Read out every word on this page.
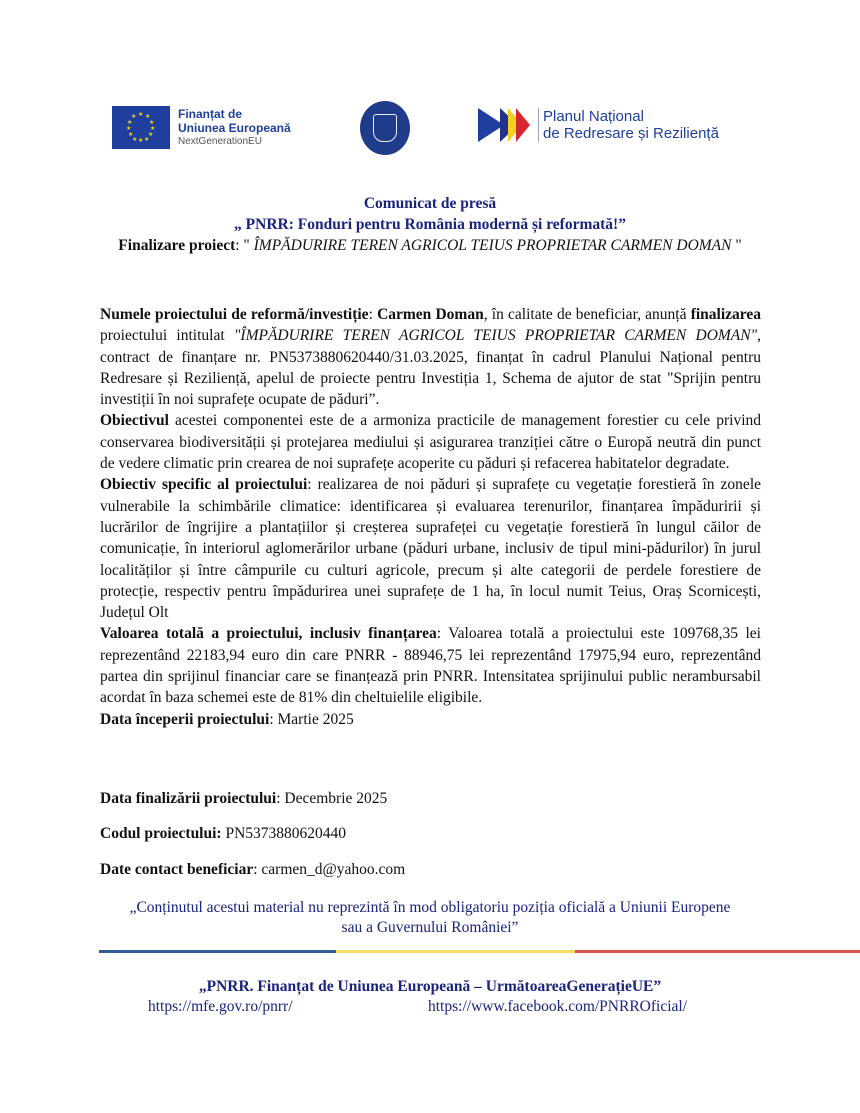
★ ★
★
★
★
★
★
★
★
★
★
★	Finanțat de
Uniunea Europeană
NextGenerationEU
Planul Național
de Redresare și Reziliență
Comunicat de presă
„ PNRR: Fonduri pentru România modernă și reformată!”
Finalizare proiect: " ÎMPĂDURIRE TEREN AGRICOL TEIUS PROPRIETAR CARMEN DOMAN "

Numele proiectului de reformă/investiție: Carmen Doman, în calitate de beneficiar, anunță finalizarea proiectului intitulat "ÎMPĂDURIRE TEREN AGRICOL TEIUS PROPRIETAR CARMEN DOMAN", contract de finanțare nr. PN5373880620440/31.03.2025, finanțat în cadrul Planului Național pentru Redresare și Reziliență, apelul de proiecte pentru Investiția 1, Schema de ajutor de stat "Sprijin pentru investiții în noi suprafețe ocupate de păduri”.

Obiectivul acestei componentei este de a armoniza practicile de management forestier cu cele privind conservarea biodiversității și protejarea mediului și asigurarea tranziției către o Europă neutră din punct de vedere climatic prin crearea de noi suprafețe acoperite cu păduri și refacerea habitatelor degradate.

Obiectiv specific al proiectului: realizarea de noi păduri și suprafețe cu vegetație forestieră în zonele vulnerabile la schimbările climatice: identificarea și evaluarea terenurilor, finanțarea împăduririi și lucrărilor de îngrijire a plantațiilor și creșterea suprafeței cu vegetație forestieră în lungul căilor de comunicație, în interiorul aglomerărilor urbane (păduri urbane, inclusiv de tipul mini-pădurilor) în jurul localităților și între câmpurile cu culturi agricole, precum și alte categorii de perdele forestiere de protecție, respectiv pentru împădurirea unei suprafețe de 1 ha, în locul numit Teius, Oraș Scornicești, Județul Olt

Valoarea totală a proiectului, inclusiv finanțarea: Valoarea totală a proiectului este 109768,35 lei reprezentând 22183,94 euro din care PNRR - 88946,75 lei reprezentând 17975,94 euro, reprezentând partea din sprijinul financiar care se finanțează prin PNRR. Intensitatea sprijinului public nerambursabil acordat în baza schemei este de 81% din cheltuielile eligibile.

Data începerii proiectului: Martie 2025

Data finalizării proiectului: Decembrie 2025
Codul proiectului: PN5373880620440
Date contact beneficiar: carmen_d@yahoo.com
„Conținutul acestui material nu reprezintă în mod obligatoriu poziția oficială a Uniunii Europene
sau a Guvernului României”
„PNRR. Finanțat de Uniunea Europeană – UrmătoareaGenerațieUE”
https://mfe.gov.ro/pnrr/	https://www.facebook.com/PNRROficial/
